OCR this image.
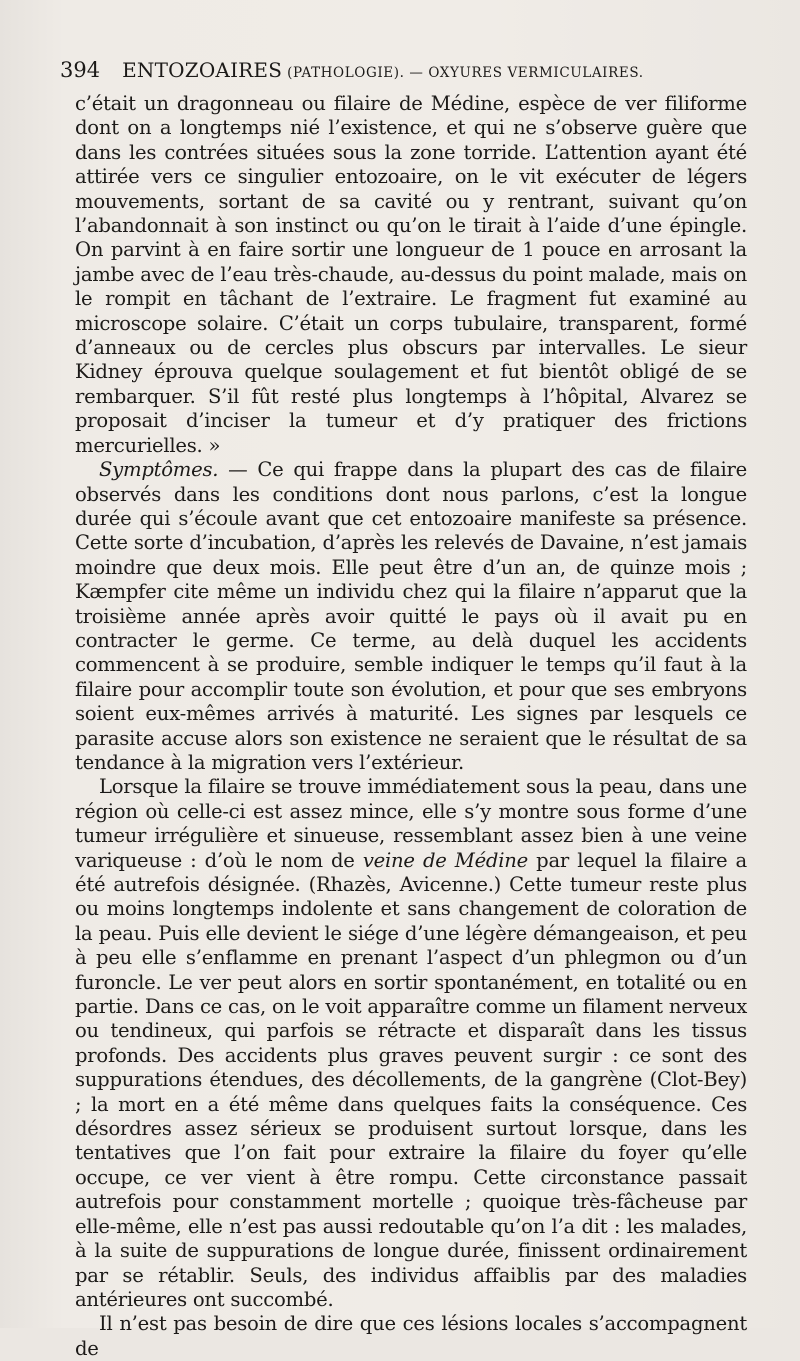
394 ENTOZOAIRES (PATHOLOGIE). — OXYURES VERMICULAIRES.

c’était un dragonneau ou filaire de Médine, espèce de ver filiforme dont on a longtemps nié l’existence, et qui ne s’observe guère que dans les contrées situées sous la zone torride. L’attention ayant été attirée vers ce singulier entozoaire, on le vit exécuter de légers mouvements, sortant de sa cavité ou y rentrant, suivant qu’on l’abandonnait à son instinct ou qu’on le tirait à l’aide d’une épingle. On parvint à en faire sortir une longueur de 1 pouce en arrosant la jambe avec de l’eau très-chaude, au-dessus du point malade, mais on le rompit en tâchant de l’extraire. Le fragment fut examiné au microscope solaire. C’était un corps tubulaire, transparent, formé d’anneaux ou de cercles plus obscurs par intervalles. Le sieur Kidney éprouva quelque soulagement et fut bientôt obligé de se rembarquer. S’il fût resté plus longtemps à l’hôpital, Alvarez se proposait d’inciser la tumeur et d’y pratiquer des frictions mercurielles. »

Symptômes. — Ce qui frappe dans la plupart des cas de filaire observés dans les conditions dont nous parlons, c’est la longue durée qui s’écoule avant que cet entozoaire manifeste sa présence. Cette sorte d’incubation, d’après les relevés de Davaine, n’est jamais moindre que deux mois. Elle peut être d’un an, de quinze mois ; Kæmpfer cite même un individu chez qui la filaire n’apparut que la troisième année après avoir quitté le pays où il avait pu en contracter le germe. Ce terme, au delà duquel les accidents commencent à se produire, semble indiquer le temps qu’il faut à la filaire pour accomplir toute son évolution, et pour que ses embryons soient eux-mêmes arrivés à maturité. Les signes par lesquels ce parasite accuse alors son existence ne seraient que le résultat de sa tendance à la migration vers l’extérieur.

Lorsque la filaire se trouve immédiatement sous la peau, dans une région où celle-ci est assez mince, elle s’y montre sous forme d’une tumeur irrégulière et sinueuse, ressemblant assez bien à une veine variqueuse : d’où le nom de veine de Médine par lequel la filaire a été autrefois désignée. (Rhazès, Avicenne.) Cette tumeur reste plus ou moins longtemps indolente et sans changement de coloration de la peau. Puis elle devient le siége d’une légère démangeaison, et peu à peu elle s’enflamme en prenant l’aspect d’un phlegmon ou d’un furoncle. Le ver peut alors en sortir spontanément, en totalité ou en partie. Dans ce cas, on le voit apparaître comme un filament nerveux ou tendineux, qui parfois se rétracte et disparaît dans les tissus profonds. Des accidents plus graves peuvent surgir : ce sont des suppurations étendues, des décollements, de la gangrène (Clot-Bey) ; la mort en a été même dans quelques faits la conséquence. Ces désordres assez sérieux se produisent surtout lorsque, dans les tentatives que l’on fait pour extraire la filaire du foyer qu’elle occupe, ce ver vient à être rompu. Cette circonstance passait autrefois pour constamment mortelle ; quoique très-fâcheuse par elle-même, elle n’est pas aussi redoutable qu’on l’a dit : les malades, à la suite de suppurations de longue durée, finissent ordinairement par se rétablir. Seuls, des individus affaiblis par des maladies antérieures ont succombé.

Il n’est pas besoin de dire que ces lésions locales s’accompagnent de
